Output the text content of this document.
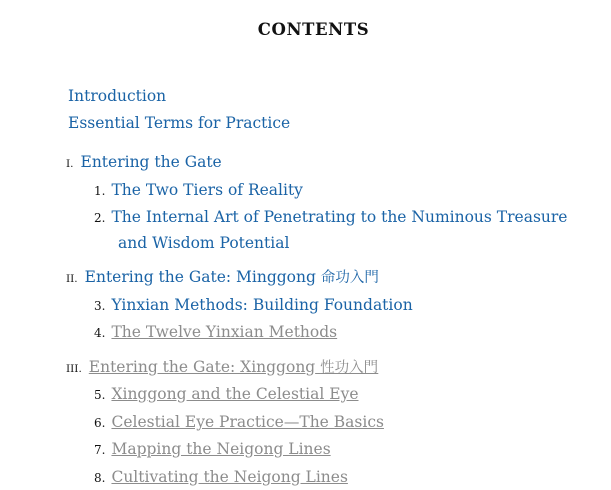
CONTENTS
Introduction
Essential Terms for Practice
I. Entering the Gate
1. The Two Tiers of Reality
2. The Internal Art of Penetrating to the Numinous Treasure
and Wisdom Potential
II. Entering the Gate: Minggong 命功入門
3. Yinxian Methods: Building Foundation
4. The Twelve Yinxian Methods
III. Entering the Gate: Xinggong 性功入門
5. Xinggong and the Celestial Eye
6. Celestial Eye Practice—The Basics
7. Mapping the Neigong Lines
8. Cultivating the Neigong Lines
